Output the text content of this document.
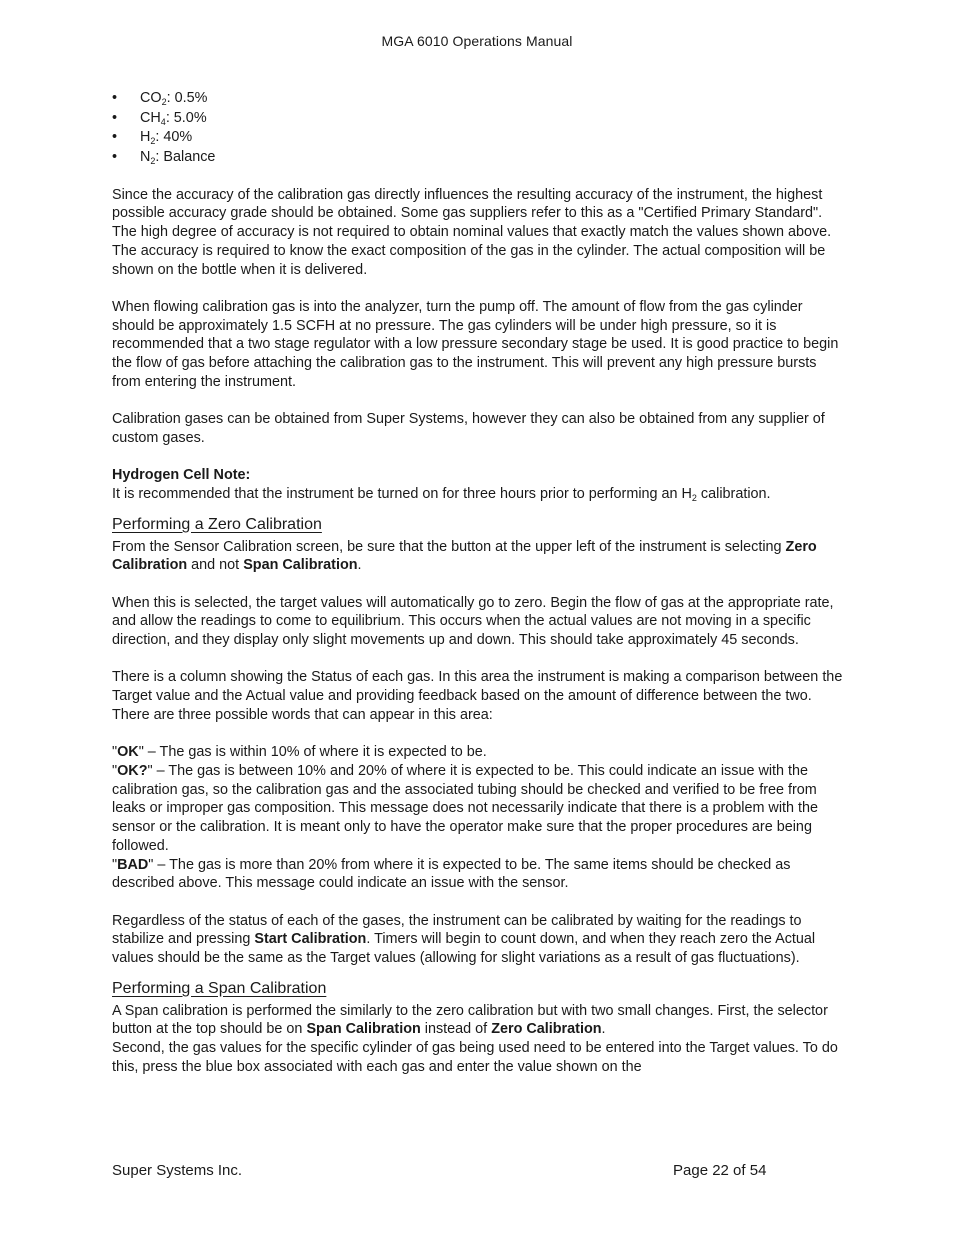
MGA 6010 Operations Manual
• $CO_2$: 0.5%
• $CH_4$: 5.0%
• $H_2$: 40%
• $N_2$: Balance

Since the accuracy of the calibration gas directly influences the resulting accuracy of the instrument, the highest possible accuracy grade should be obtained. Some gas suppliers refer to this as a "Certified Primary Standard". The high degree of accuracy is not required to obtain nominal values that exactly match the values shown above. The accuracy is required to know the exact composition of the gas in the cylinder. The actual composition will be shown on the bottle when it is delivered.

When flowing calibration gas is into the analyzer, turn the pump off. The amount of flow from the gas cylinder should be approximately 1.5 SCFH at no pressure. The gas cylinders will be under high pressure, so it is recommended that a two stage regulator with a low pressure secondary stage be used. It is good practice to begin the flow of gas before attaching the calibration gas to the instrument. This will prevent any high pressure bursts from entering the instrument.

Calibration gases can be obtained from Super Systems, however they can also be obtained from any supplier of custom gases.

Hydrogen Cell Note:

It is recommended that the instrument be turned on for three hours prior to performing an $H_2$ calibration.

Performing a Zero Calibration

From the Sensor Calibration screen, be sure that the button at the upper left of the instrument is selecting Zero Calibration and not Span Calibration.

When this is selected, the target values will automatically go to zero. Begin the flow of gas at the appropriate rate, and allow the readings to come to equilibrium. This occurs when the actual values are not moving in a specific direction, and they display only slight movements up and down. This should take approximately 45 seconds.

There is a column showing the Status of each gas. In this area the instrument is making a comparison between the Target value and the Actual value and providing feedback based on the amount of difference between the two. There are three possible words that can appear in this area:

"OK" – The gas is within 10% of where it is expected to be.

"OK?" – The gas is between 10% and 20% of where it is expected to be. This could indicate an issue with the calibration gas, so the calibration gas and the associated tubing should be checked and verified to be free from leaks or improper gas composition. This message does not necessarily indicate that there is a problem with the sensor or the calibration. It is meant only to have the operator make sure that the proper procedures are being followed.

"BAD" – The gas is more than 20% from where it is expected to be. The same items should be checked as described above. This message could indicate an issue with the sensor.

Regardless of the status of each of the gases, the instrument can be calibrated by waiting for the readings to stabilize and pressing Start Calibration. Timers will begin to count down, and when they reach zero the Actual values should be the same as the Target values (allowing for slight variations as a result of gas fluctuations).

Performing a Span Calibration

A Span calibration is performed the similarly to the zero calibration but with two small changes. First, the selector button at the top should be on Span Calibration instead of Zero Calibration.

Second, the gas values for the specific cylinder of gas being used need to be entered into the Target values. To do this, press the blue box associated with each gas and enter the value shown on the

Super Systems Inc.	Page 22 of 54
